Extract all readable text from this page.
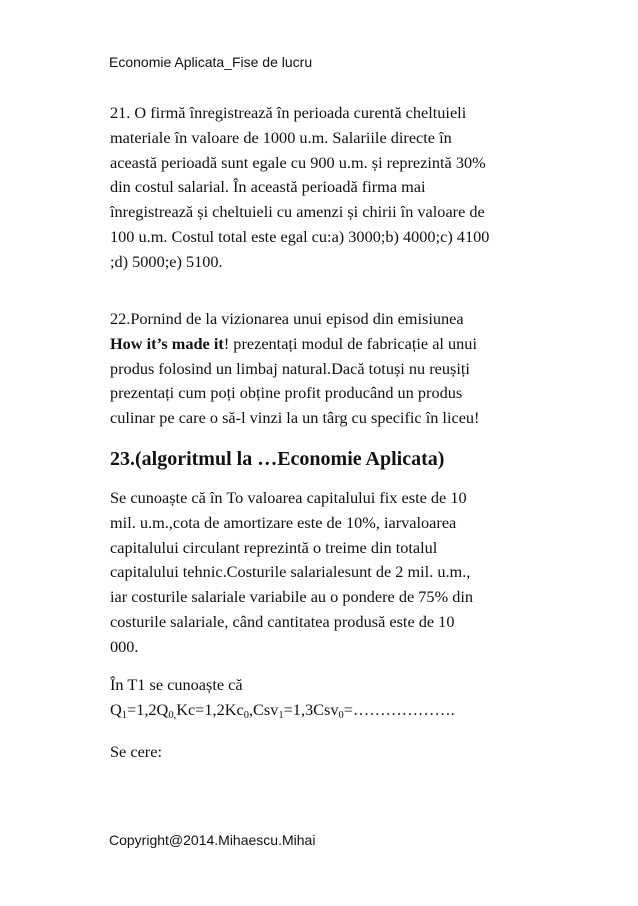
Economie Aplicata_Fise de lucru
21. O firmă înregistrează în perioada curentă cheltuieli
materiale în valoare de 1000 u.m. Salariile directe în
această perioadă sunt egale cu 900 u.m. și reprezintă 30%
din costul salarial. În această perioadă firma mai
înregistrează și cheltuieli cu amenzi și chirii în valoare de
100 u.m. Costul total este egal cu:a) 3000;b) 4000;c) 4100
;d) 5000;e) 5100.
22.Pornind de la vizionarea unui episod din emisiunea
How it’s made it! prezentați modul de fabricație al unui
produs folosind un limbaj natural.Dacă totuși nu reușiți
prezentați cum poți obține profit producând un produs
culinar pe care o să-l vinzi la un târg cu specific în liceu!
23.(algoritmul la …Economie Aplicata)
Se cunoaște că în To valoarea capitalului fix este de 10
mil. u.m.,cota de amortizare este de 10%, iarvaloarea
capitalului circulant reprezintă o treime din totalul
capitalului tehnic.Costurile salarialesunt de 2 mil. u.m.,
iar costurile salariale variabile au o pondere de 75% din
costurile salariale, când cantitatea produsă este de 10
000.
În T1 se cunoaște că
$Q_1=1,2Q_{0,}Kc=1,2Kc_0,Csv_1=1,3Csv_0=\dots\dots\dots\dots\dots\dots$.
Se cere:
Copyright@2014.Mihaescu.Mihai
